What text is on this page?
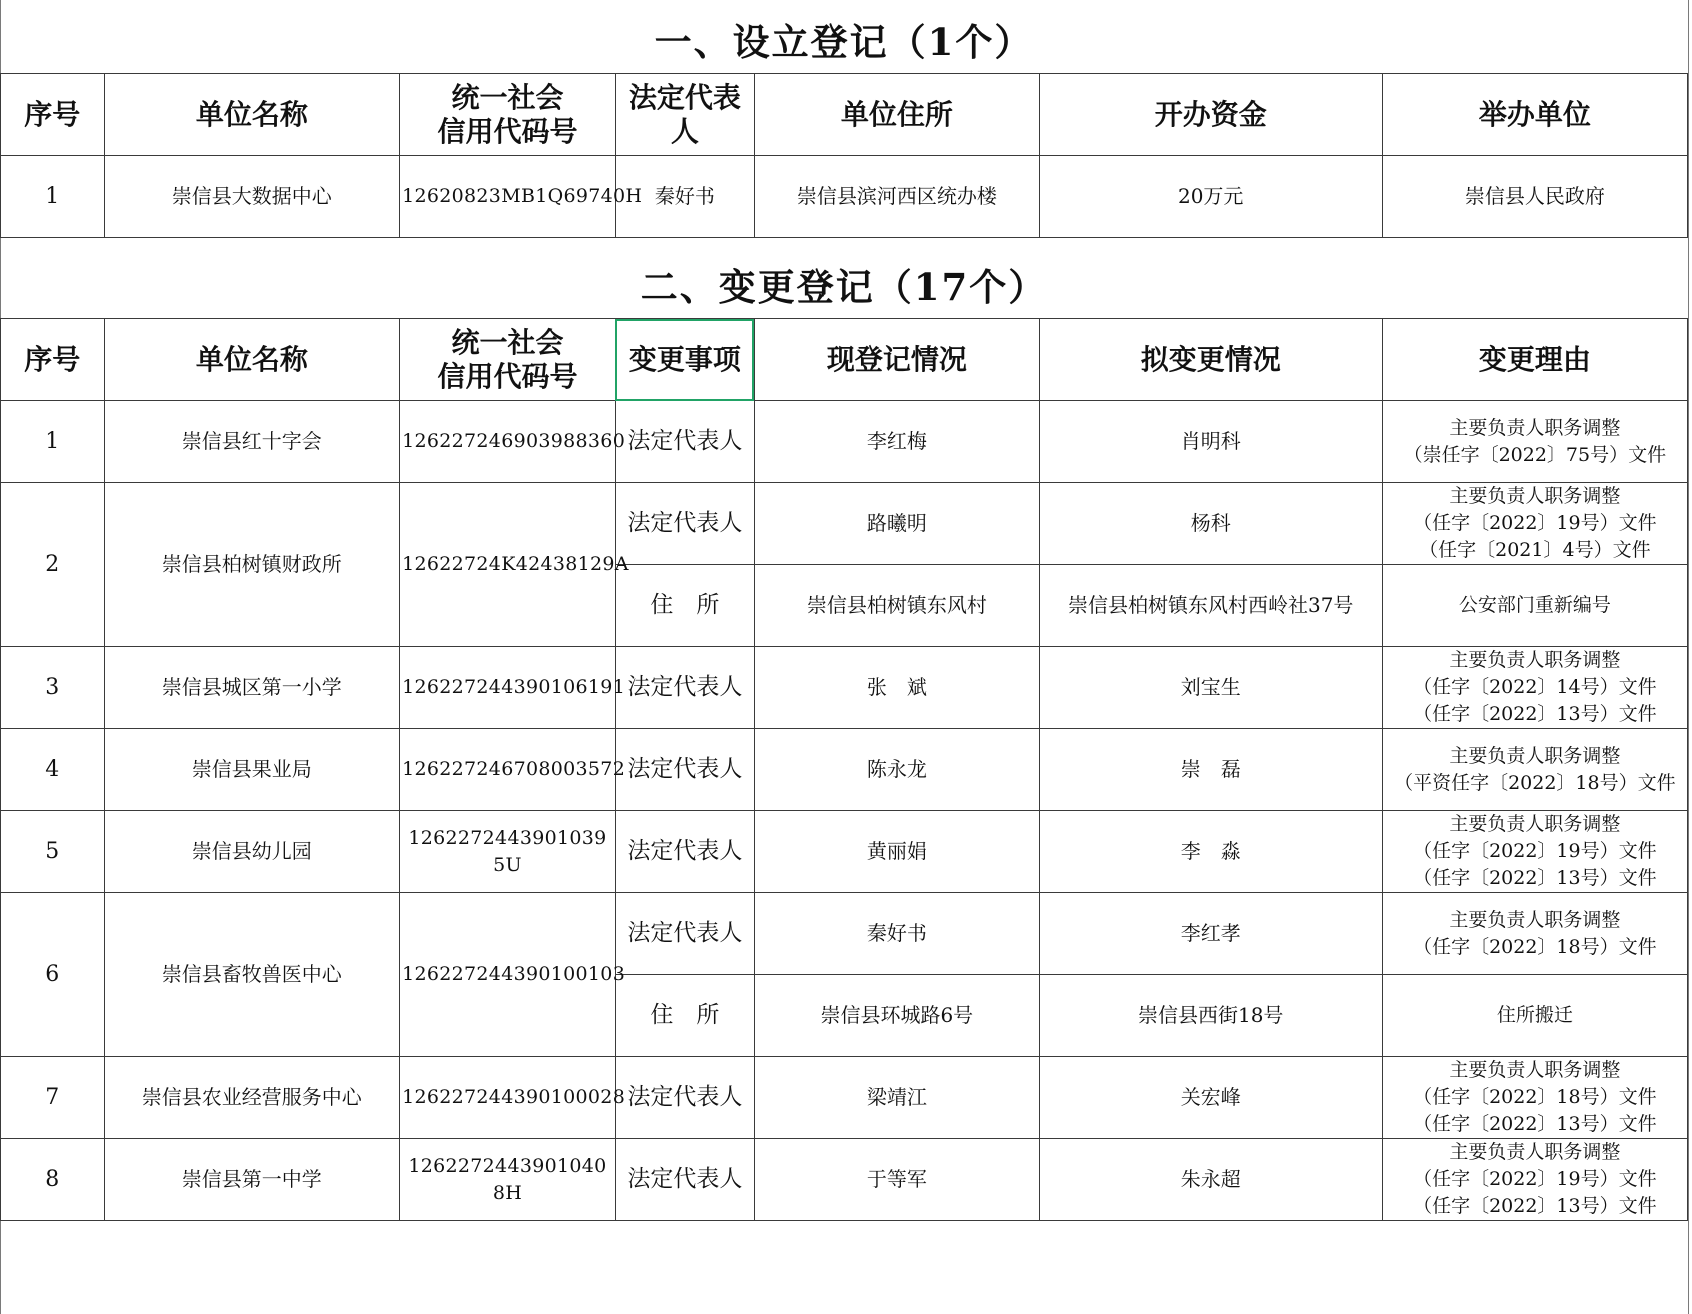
一、设立登记（1个）
序号	单位名称	统一社会
信用代码号	法定代表
人	单位住所	开办资金	举办单位
1	崇信县大数据中心	12620823MB1Q69740H	秦好书	崇信县滨河西区统办楼	20万元	崇信县人民政府
二、变更登记（17个）
序号	单位名称	统一社会
信用代码号	变更事项	现登记情况	拟变更情况	变更理由
1	崇信县红十字会	126227246903988360	法定代表人	李红梅	肖明科	主要负责人职务调整
（崇任字〔2022〕75号）文件
2	崇信县柏树镇财政所	12622724K42438129A	法定代表人	路曦明	杨科	主要负责人职务调整
（任字〔2022〕19号）文件
（任字〔2021〕4号）文件
			住　所	崇信县柏树镇东风村	崇信县柏树镇东风村西岭社37号	公安部门重新编号
3	崇信县城区第一小学	126227244390106191	法定代表人	张　斌	刘宝生	主要负责人职务调整
（任字〔2022〕14号）文件
（任字〔2022〕13号）文件
4	崇信县果业局	126227246708003572	法定代表人	陈永龙	崇　磊	主要负责人职务调整
（平资任字〔2022〕18号）文件
5	崇信县幼儿园	1262272443901039 5U	法定代表人	黄丽娟	李　淼	主要负责人职务调整
（任字〔2022〕19号）文件
（任字〔2022〕13号）文件
6	崇信县畜牧兽医中心	126227244390100103	法定代表人	秦好书	李红孝	主要负责人职务调整
（任字〔2022〕18号）文件
			住　所	崇信县环城路6号	崇信县西街18号	住所搬迁
7	崇信县农业经营服务中心	126227244390100028	法定代表人	梁靖江	关宏峰	主要负责人职务调整
（任字〔2022〕18号）文件
（任字〔2022〕13号）文件
8	崇信县第一中学	1262272443901040 8H	法定代表人	于等军	朱永超	主要负责人职务调整
（任字〔2022〕19号）文件
（任字〔2022〕13号）文件
